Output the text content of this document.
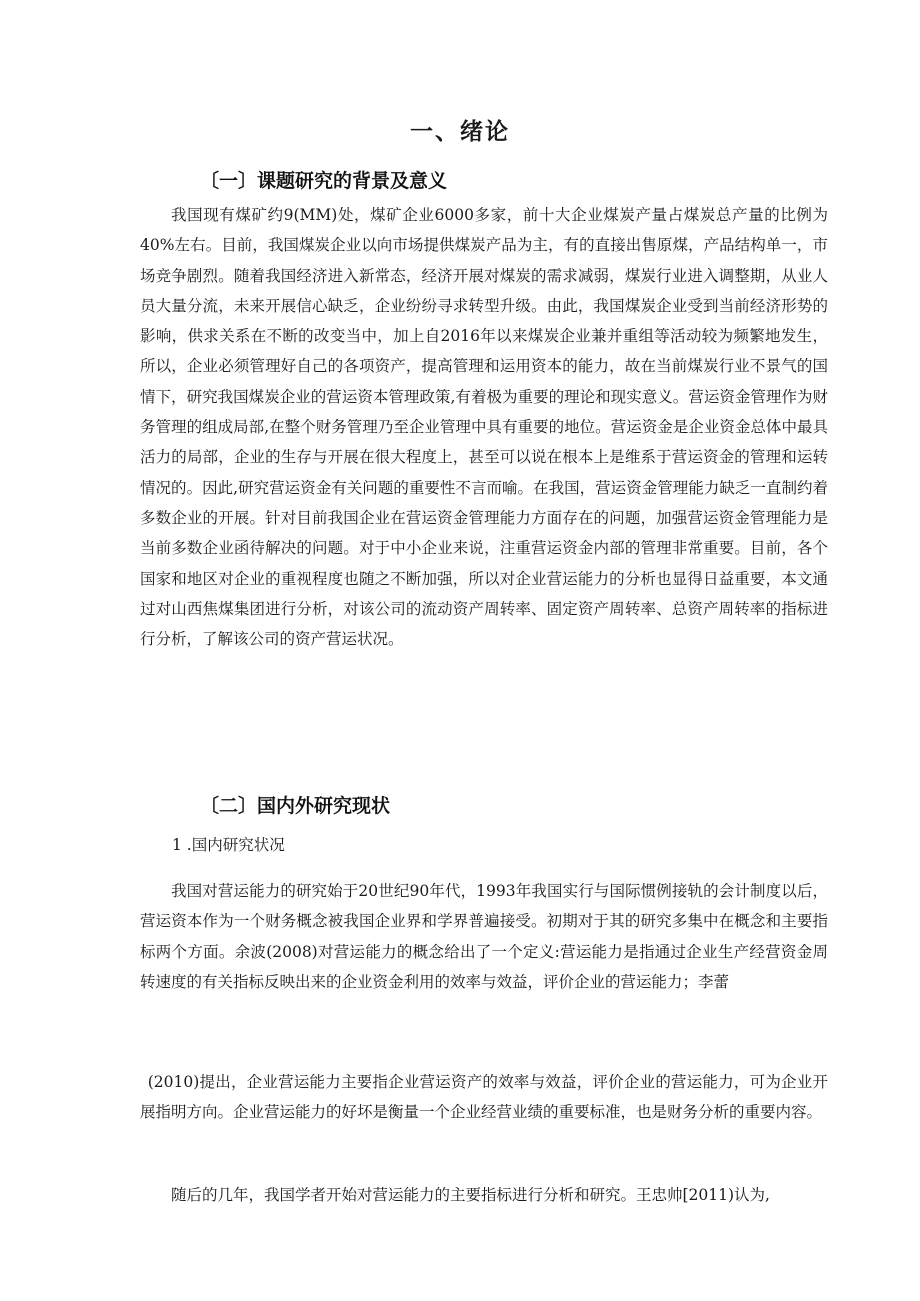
一、绪论
〔一〕课题研究的背景及意义

我国现有煤矿约9(MM)处，煤矿企业6000多家，前十大企业煤炭产量占煤炭总产量的比例为40%左右。目前，我国煤炭企业以向市场提供煤炭产品为主，有的直接出售原煤，产品结构单一，市场竞争剧烈。随着我国经济进入新常态，经济开展对煤炭的需求减弱，煤炭行业进入调整期，从业人员大量分流，未来开展信心缺乏，企业纷纷寻求转型升级。由此，我国煤炭企业受到当前经济形势的影响，供求关系在不断的改变当中，加上自2016年以来煤炭企业兼并重组等活动较为频繁地发生，所以，企业必须管理好自己的各项资产，提高管理和运用资本的能力，故在当前煤炭行业不景气的国情下，研究我国煤炭企业的营运资本管理政策,有着极为重要的理论和现实意义。营运资金管理作为财务管理的组成局部,在整个财务管理乃至企业管理中具有重要的地位。营运资金是企业资金总体中最具活力的局部，企业的生存与开展在很大程度上，甚至可以说在根本上是维系于营运资金的管理和运转情况的。因此,研究营运资金有关问题的重要性不言而喻。在我国，营运资金管理能力缺乏一直制约着多数企业的开展。针对目前我国企业在营运资金管理能力方面存在的问题，加强营运资金管理能力是当前多数企业函待解决的问题。对于中小企业来说，注重营运资金内部的管理非常重要。目前，各个国家和地区对企业的重视程度也随之不断加强，所以对企业营运能力的分析也显得日益重要，本文通过对山西焦煤集团进行分析，对该公司的流动资产周转率、固定资产周转率、总资产周转率的指标进行分析，了解该公司的资产营运状况。

〔二〕国内外研究现状

1 .国内研究状况

我国对营运能力的研究始于20世纪90年代，1993年我国实行与国际惯例接轨的会计制度以后，营运资本作为一个财务概念被我国企业界和学界普遍接受。初期对于其的研究多集中在概念和主要指标两个方面。余波(2008)对营运能力的概念给出了一个定义:营运能力是指通过企业生产经营资金周转速度的有关指标反映出来的企业资金利用的效率与效益，评价企业的营运能力；李蕾

(2010)提出，企业营运能力主要指企业营运资产的效率与效益，评价企业的营运能力，可为企业开展指明方向。企业营运能力的好坏是衡量一个企业经营业绩的重要标准，也是财务分析的重要内容。

随后的几年，我国学者开始对营运能力的主要指标进行分析和研究。王忠帅[2011)认为,
